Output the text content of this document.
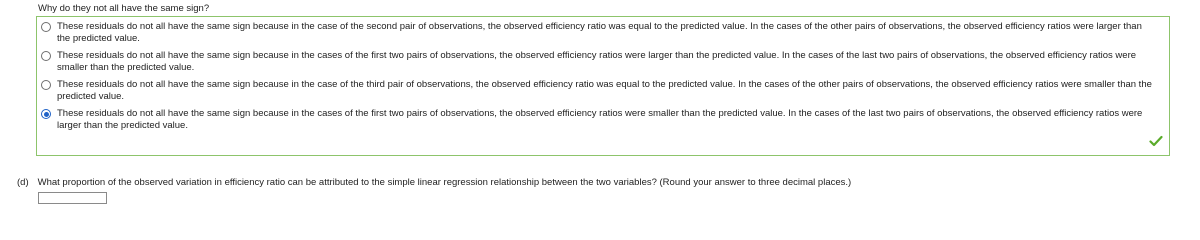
Why do they not all have the same sign?
These residuals do not all have the same sign because in the case of the second pair of observations, the observed efficiency ratio was equal to the predicted value. In the cases of the other pairs of observations, the observed efficiency ratios were larger than the predicted value.
These residuals do not all have the same sign because in the cases of the first two pairs of observations, the observed efficiency ratios were larger than the predicted value. In the cases of the last two pairs of observations, the observed efficiency ratios were smaller than the predicted value.
These residuals do not all have the same sign because in the case of the third pair of observations, the observed efficiency ratio was equal to the predicted value. In the cases of the other pairs of observations, the observed efficiency ratios were smaller than the predicted value.
These residuals do not all have the same sign because in the cases of the first two pairs of observations, the observed efficiency ratios were smaller than the predicted value. In the cases of the last two pairs of observations, the observed efficiency ratios were larger than the predicted value.
(d) What proportion of the observed variation in efficiency ratio can be attributed to the simple linear regression relationship between the two variables? (Round your answer to three decimal places.)
